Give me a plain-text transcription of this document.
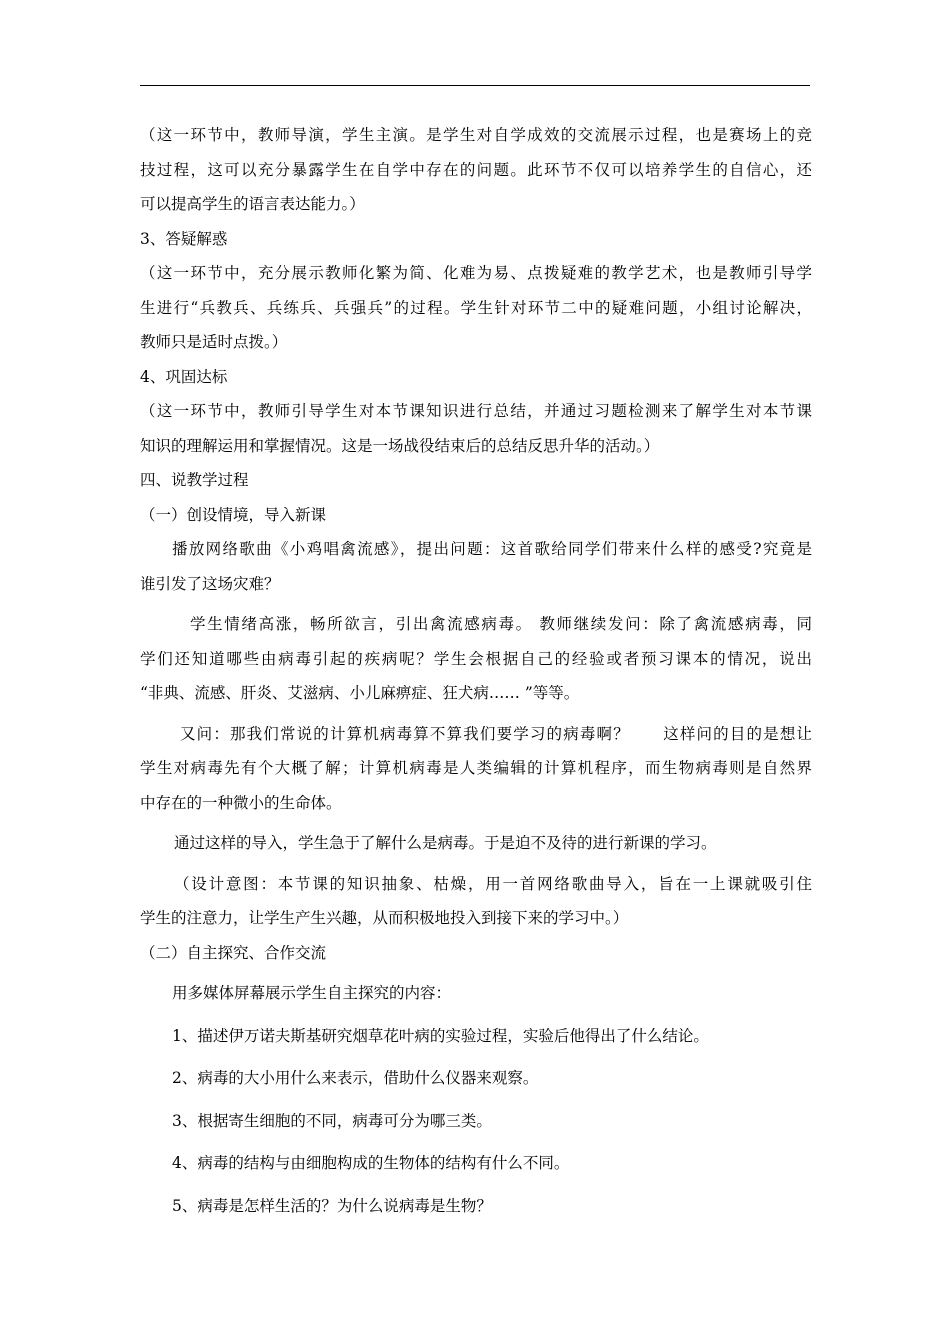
（这一环节中，教师导演，学生主演。是学生对自学成效的交流展示过程，也是赛场上的竞
技过程，这可以充分暴露学生在自学中存在的问题。此环节不仅可以培养学生的自信心，还
可以提高学生的语言表达能力。）
3、答疑解惑
（这一环节中，充分展示教师化繁为简、化难为易、点拨疑难的教学艺术，也是教师引导学
生进行“兵教兵、兵练兵、兵强兵”的过程。学生针对环节二中的疑难问题，小组讨论解决，
教师只是适时点拨。）
4、巩固达标
（这一环节中，教师引导学生对本节课知识进行总结，并通过习题检测来了解学生对本节课
知识的理解运用和掌握情况。这是一场战役结束后的总结反思升华的活动。）
四、说教学过程
（一）创设情境，导入新课
播放网络歌曲《小鸡唱禽流感》，提出问题：这首歌给同学们带来什么样的感受?究竟是
谁引发了这场灾难？
学生情绪高涨，畅所欲言，引出禽流感病毒。 教师继续发问：除了禽流感病毒，同
学们还知道哪些由病毒引起的疾病呢？学生会根据自己的经验或者预习课本的情况，说出
“非典、流感、肝炎、艾滋病、小儿麻痹症、狂犬病…… ”等等。
又问：那我们常说的计算机病毒算不算我们要学习的病毒啊？　　这样问的目的是想让
学生对病毒先有个大概了解；计算机病毒是人类编辑的计算机程序，而生物病毒则是自然界
中存在的一种微小的生命体。
通过这样的导入，学生急于了解什么是病毒。于是迫不及待的进行新课的学习。
（设计意图：本节课的知识抽象、枯燥，用一首网络歌曲导入，旨在一上课就吸引住
学生的注意力，让学生产生兴趣，从而积极地投入到接下来的学习中。）
（二）自主探究、合作交流
用多媒体屏幕展示学生自主探究的内容：
1、描述伊万诺夫斯基研究烟草花叶病的实验过程，实验后他得出了什么结论。
2、病毒的大小用什么来表示，借助什么仪器来观察。
3、根据寄生细胞的不同，病毒可分为哪三类。
4、病毒的结构与由细胞构成的生物体的结构有什么不同。
5、病毒是怎样生活的？为什么说病毒是生物？
